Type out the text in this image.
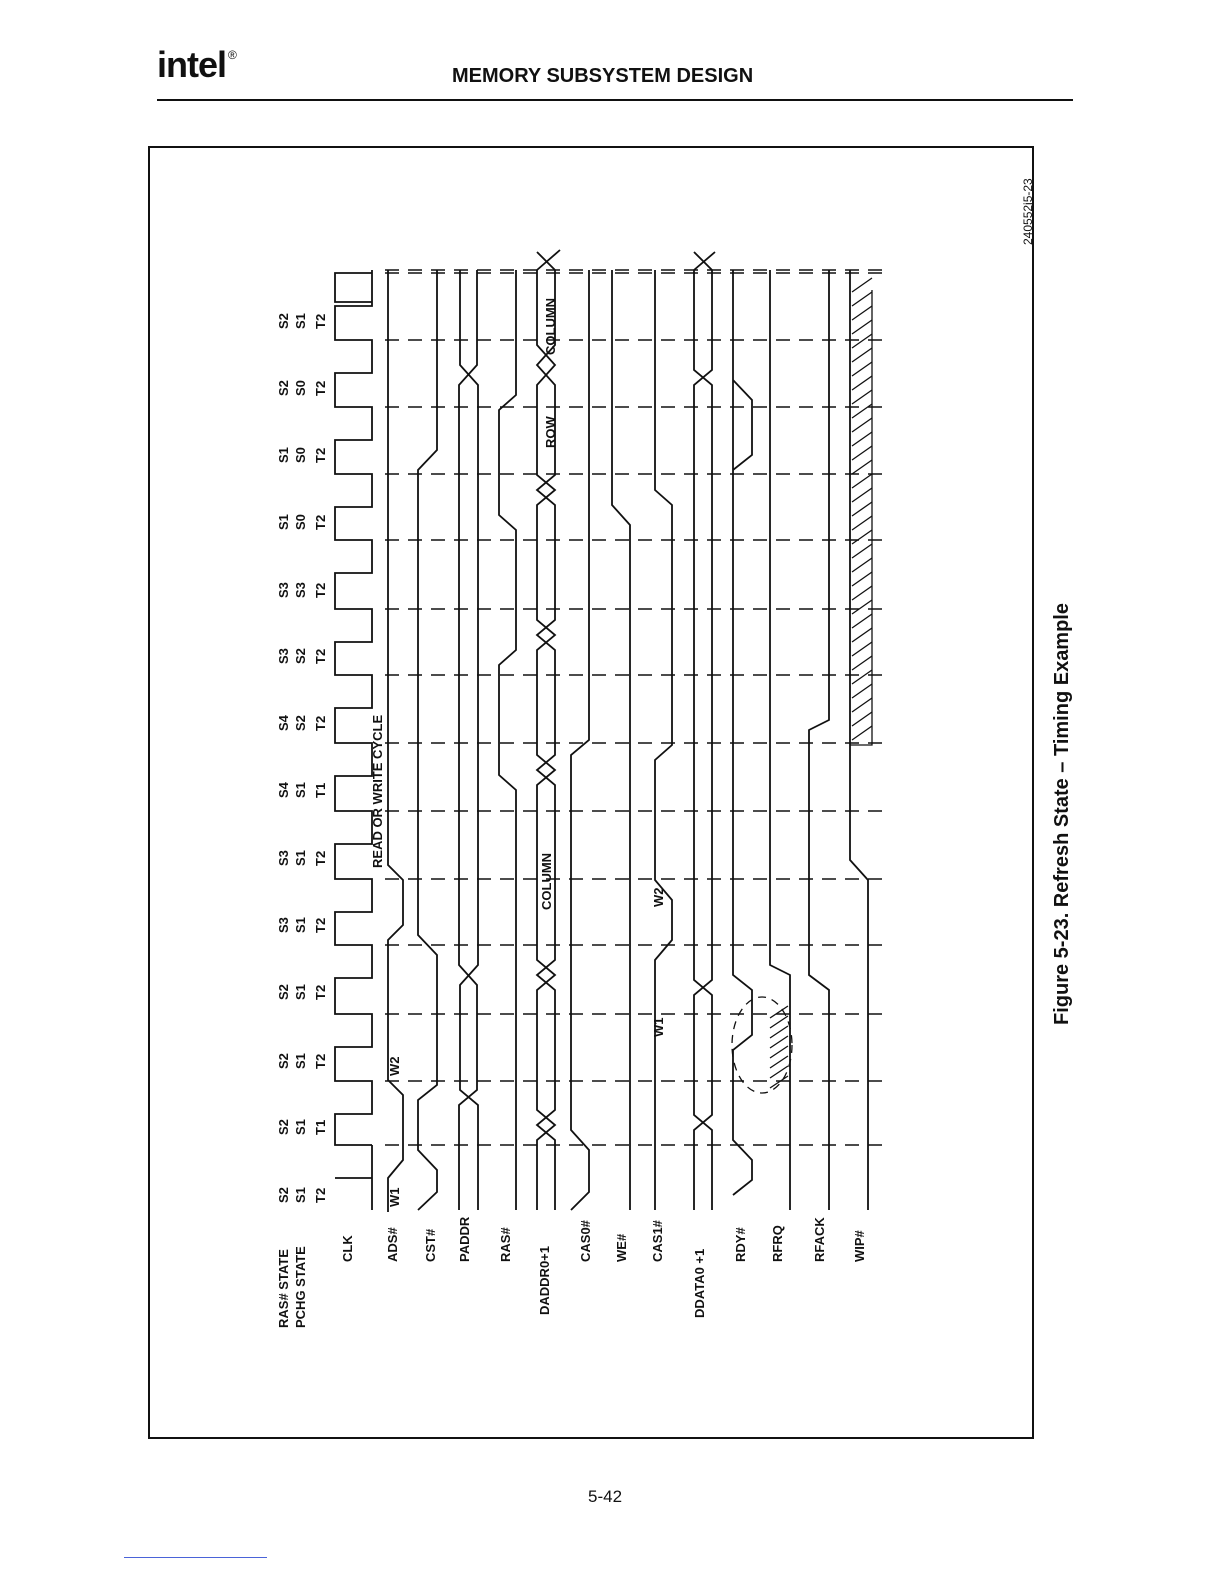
intel ®
MEMORY SUBSYSTEM DESIGN
RAS# STATE PCHG STATE
S2 S1 T2
S2 S1 T1
S2 S1 T2
S2 S1 T2
S3 S1 T2
S3 S1 T2
S4 S1 T1
S4 S2 T2
S3 S2 T2
S3 S3 T2
S1 S0 T2
S1 S0 T2
S2 S0 T2
S2 S1 T2
CLK ADS# CST# PADDR RAS#
DADDR0+1
CAS0# WE# CAS1#
DDATA0 +1
RDY# RFRQ RFACK WIP#
W1
W2
W1
W2
READ OR WRITE CYCLE
COLUMN
ROW
COLUMN
Figure 5-23. Refresh State – Timing Example
240552i5-23
5-42
